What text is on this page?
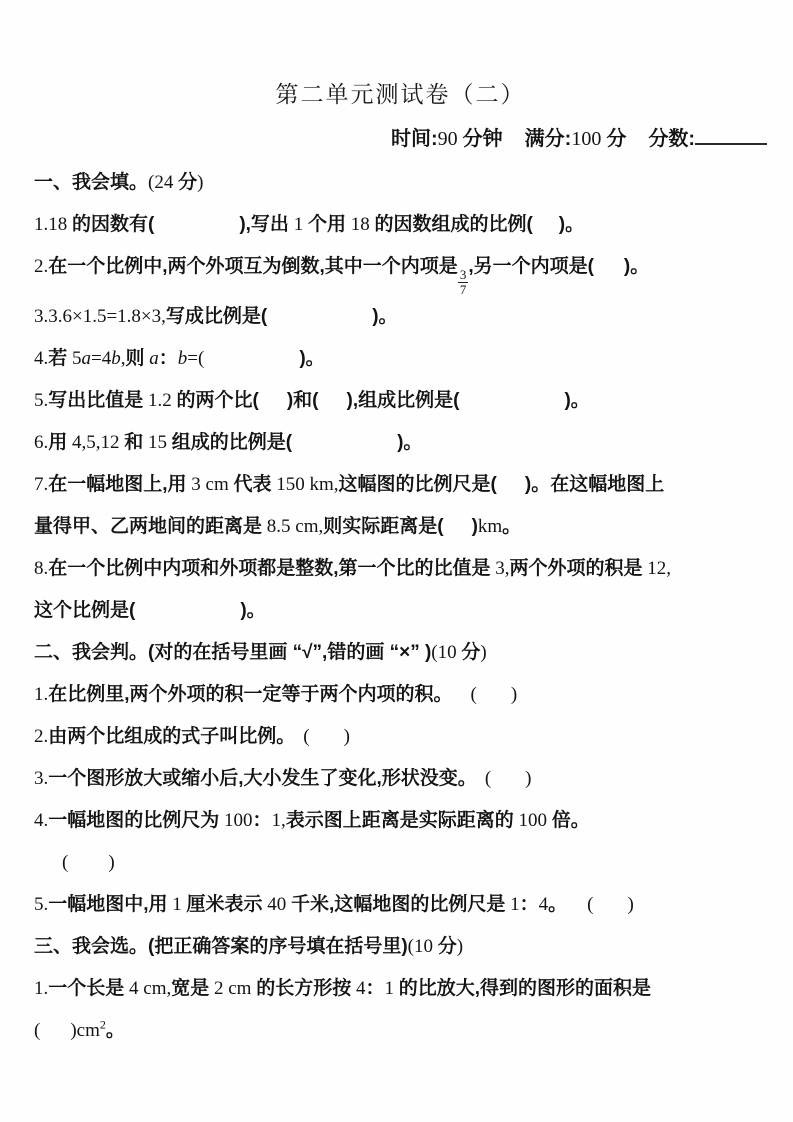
第二单元测试卷（二）
时间:90 分钟 满分:100 分 分数:
一、我会填。(24 分)
1.18 的因数有(	),写出 1 个用 18 的因数组成的比例( )。
2.在一个比例中,两个外项互为倒数,其中一个内项是
$\frac{3}{7}$
,另一个内项是( )。
3.3.6×1.5=1.8×3,写成比例是(	)。
4.若 5a=4b,则 a：b=(	)。
5.写出比值是 1.2 的两个比( )和( ),组成比例是(	)。
6.用 4,5,12 和 15 组成的比例是(	)。
7.在一幅地图上,用 3 cm 代表 150 km,这幅图的比例尺是( )。在这幅地图上
量得甲、乙两地间的距离是 8.5 cm,则实际距离是( )km。
8.在一个比例中内项和外项都是整数,第一个比的比值是 3,两个外项的积是 12,
这个比例是(	)。
二、我会判。(对的在括号里画 “√”,错的画 “×” )(10 分)
1.在比例里,两个外项的积一定等于两个内项的积。 ( )
2.由两个比组成的式子叫比例。 ( )
3.一个图形放大或缩小后,大小发生了变化,形状没变。 ( )
4.一幅地图的比例尺为 100：1,表示图上距离是实际距离的 100 倍。
( )
5.一幅地图中,用 1 厘米表示 40 千米,这幅地图的比例尺是 1：4。 ( )
三、我会选。(把正确答案的序号填在括号里)(10 分)
1.一个长是 4 cm,宽是 2 cm 的长方形按 4：1 的比放大,得到的图形的面积是
( )$cm^2$。
